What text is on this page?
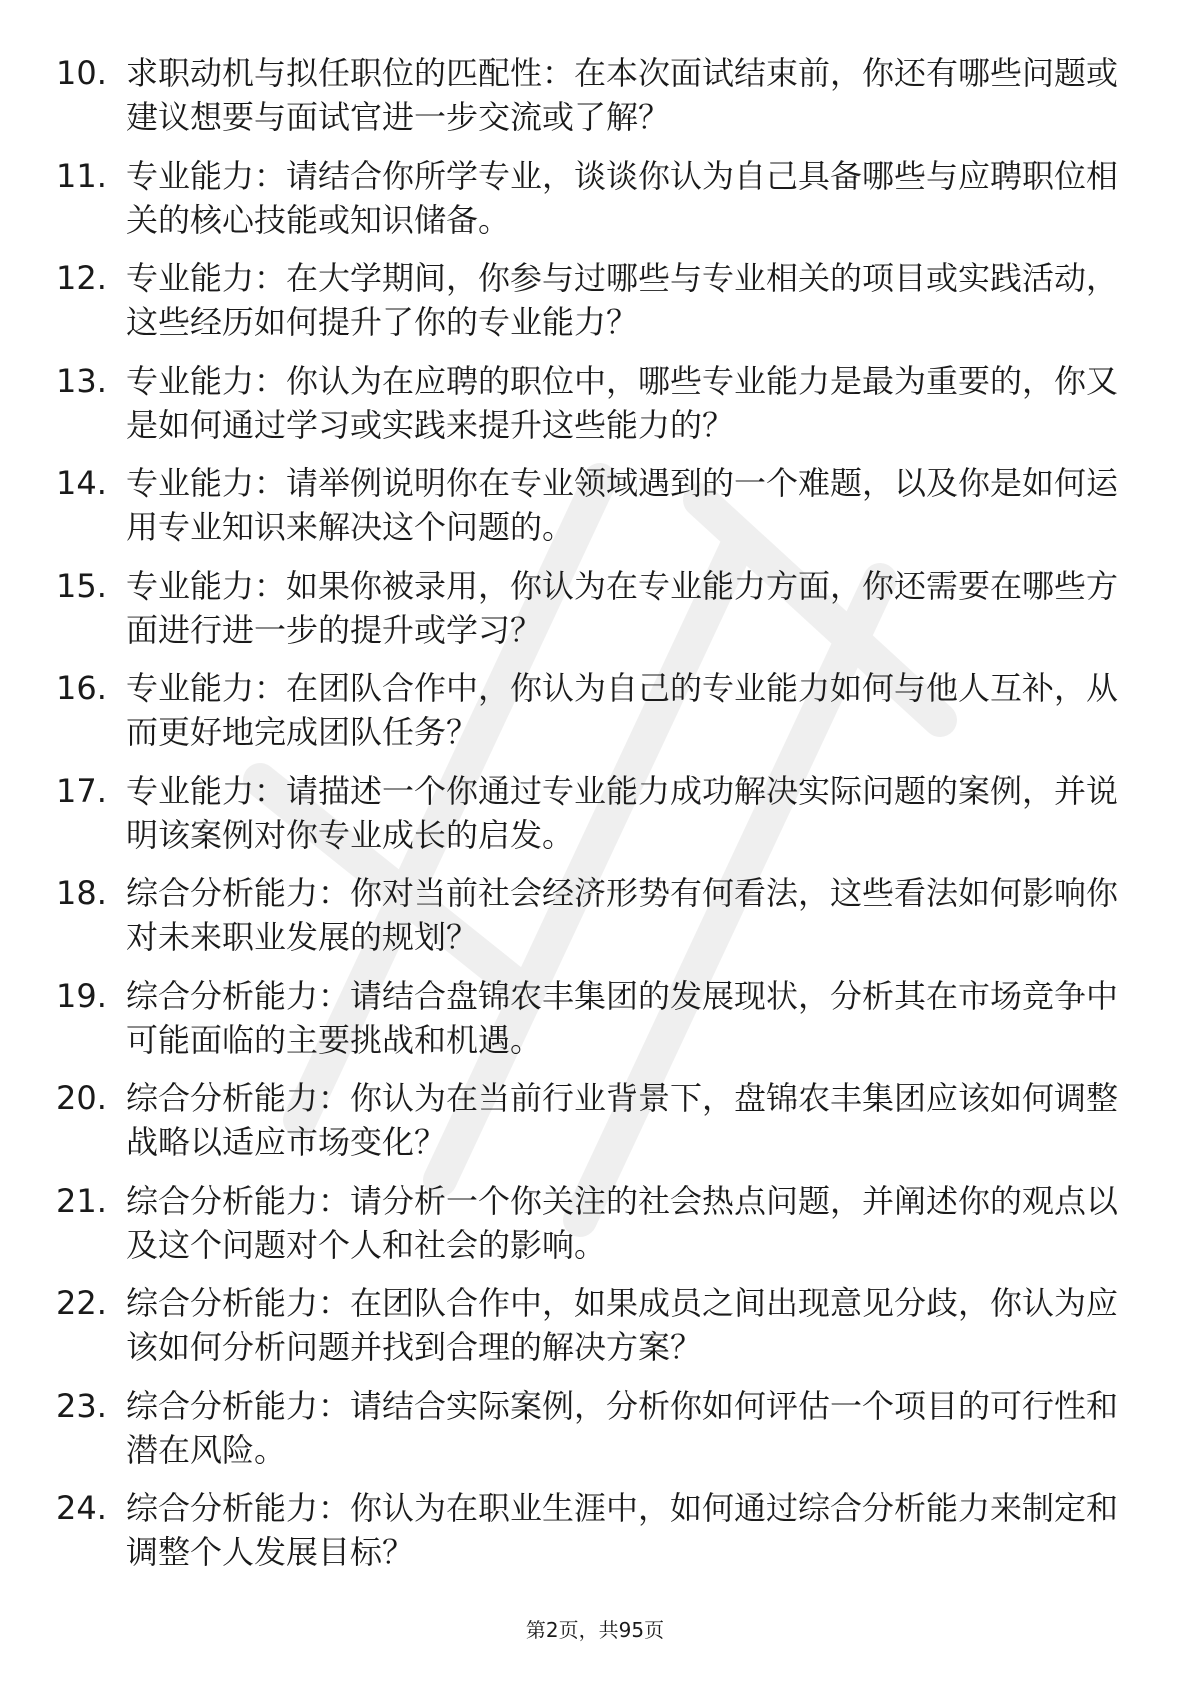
10. 求职动机与拟任职位的匹配性：在本次面试结束前，你还有哪些问题或建议想要与面试官进一步交流或了解？
11. 专业能力：请结合你所学专业，谈谈你认为自己具备哪些与应聘职位相关的核心技能或知识储备。
12. 专业能力：在大学期间，你参与过哪些与专业相关的项目或实践活动，这些经历如何提升了你的专业能力？
13. 专业能力：你认为在应聘的职位中，哪些专业能力是最为重要的，你又是如何通过学习或实践来提升这些能力的？
14. 专业能力：请举例说明你在专业领域遇到的一个难题，以及你是如何运用专业知识来解决这个问题的。
15. 专业能力：如果你被录用，你认为在专业能力方面，你还需要在哪些方面进行进一步的提升或学习？
16. 专业能力：在团队合作中，你认为自己的专业能力如何与他人互补，从而更好地完成团队任务？
17. 专业能力：请描述一个你通过专业能力成功解决实际问题的案例，并说明该案例对你专业成长的启发。
18. 综合分析能力：你对当前社会经济形势有何看法，这些看法如何影响你对未来职业发展的规划？
19. 综合分析能力：请结合盘锦农丰集团的发展现状，分析其在市场竞争中可能面临的主要挑战和机遇。
20. 综合分析能力：你认为在当前行业背景下，盘锦农丰集团应该如何调整战略以适应市场变化？
21. 综合分析能力：请分析一个你关注的社会热点问题，并阐述你的观点以及这个问题对个人和社会的影响。
22. 综合分析能力：在团队合作中，如果成员之间出现意见分歧，你认为应该如何分析问题并找到合理的解决方案？
23. 综合分析能力：请结合实际案例，分析你如何评估一个项目的可行性和潜在风险。
24. 综合分析能力：你认为在职业生涯中，如何通过综合分析能力来制定和调整个人发展目标？
第2页，共95页
